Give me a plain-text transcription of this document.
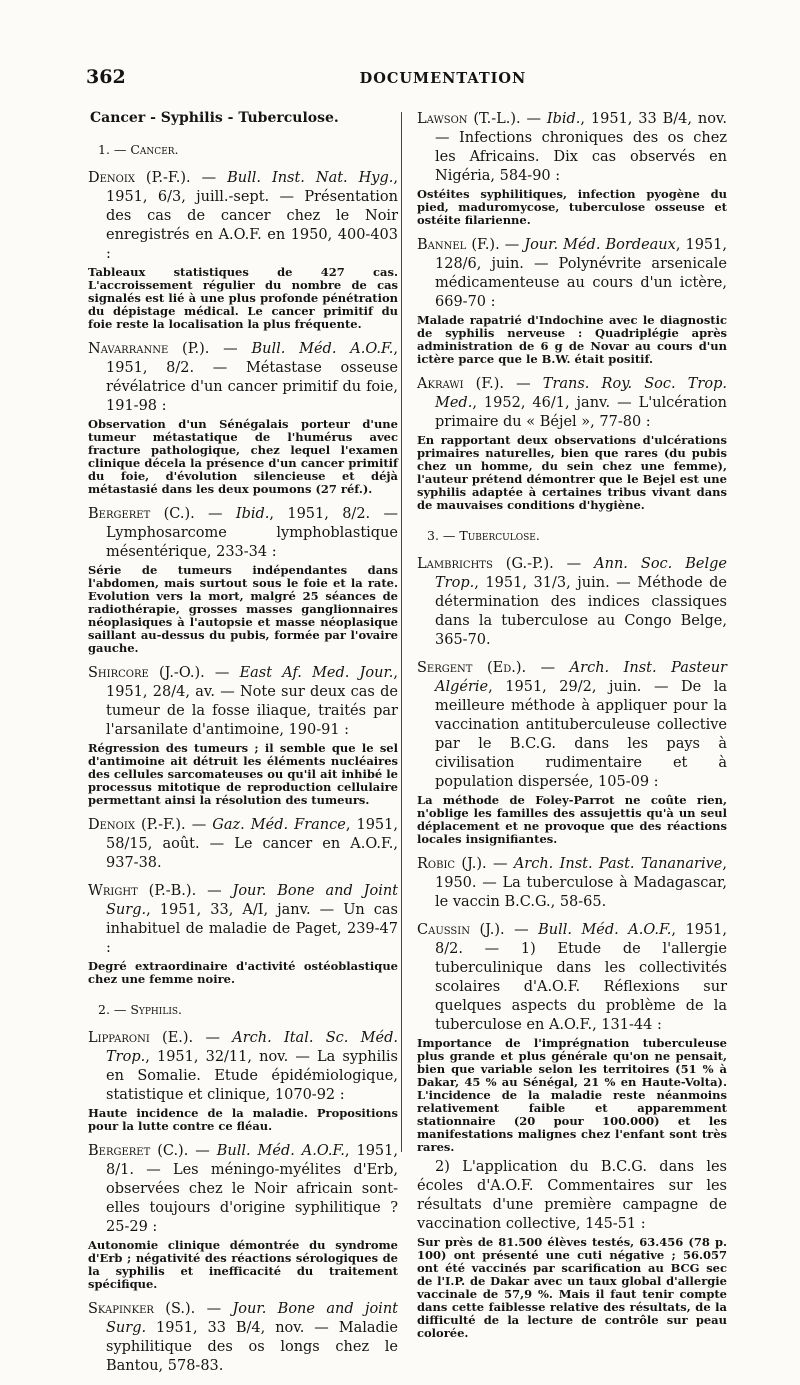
362	DOCUMENTATION
Cancer - Syphilis - Tuberculose.
1. — Cancer.

Denoix (P.-F.). — Bull. Inst. Nat. Hyg., 1951, 6/3, juill.-sept. — Présentation des cas de cancer chez le Noir enregistrés en A.O.F. en 1950, 400-403 :

Tableaux statistiques de 427 cas. L'accroissement régulier du nombre de cas signalés est lié à une plus profonde pénétration du dépistage médical. Le cancer primitif du foie reste la localisation la plus fréquente.

Navarranne (P.). — Bull. Méd. A.O.F., 1951, 8/2. — Métastase osseuse révélatrice d'un cancer primitif du foie, 191-98 :

Observation d'un Sénégalais porteur d'une tumeur métastatique de l'humérus avec fracture pathologique, chez lequel l'examen clinique décela la présence d'un cancer primitif du foie, d'évolution silencieuse et déjà métastasié dans les deux poumons (27 réf.).

Bergeret (C.). — Ibid., 1951, 8/2. — Lymphosarcome lymphoblastique mésentérique, 233-34 :

Série de tumeurs indépendantes dans l'abdomen, mais surtout sous le foie et la rate. Evolution vers la mort, malgré 25 séances de radiothérapie, grosses masses ganglionnaires néoplasiques à l'autopsie et masse néoplasique saillant au-dessus du pubis, formée par l'ovaire gauche.

Shircore (J.-O.). — East Af. Med. Jour., 1951, 28/4, av. — Note sur deux cas de tumeur de la fosse iliaque, traités par l'arsanilate d'antimoine, 190-91 :

Régression des tumeurs ; il semble que le sel d'antimoine ait détruit les éléments nucléaires des cellules sarcomateuses ou qu'il ait inhibé le processus mitotique de reproduction cellulaire permettant ainsi la résolution des tumeurs.

Denoix (P.-F.). — Gaz. Méd. France, 1951, 58/15, août. — Le cancer en A.O.F., 937-38.

Wright (P.-B.). — Jour. Bone and Joint Surg., 1951, 33, A/I, janv. — Un cas inhabituel de maladie de Paget, 239-47 :

Degré extraordinaire d'activité ostéoblastique chez une femme noire.

2. — Syphilis.

Lipparoni (E.). — Arch. Ital. Sc. Méd. Trop., 1951, 32/11, nov. — La syphilis en Somalie. Etude épidémiologique, statistique et clinique, 1070-92 :

Haute incidence de la maladie. Propositions pour la lutte contre ce fléau.

Bergeret (C.). — Bull. Méd. A.O.F., 1951, 8/1. — Les méningo-myélites d'Erb, observées chez le Noir africain sont-elles toujours d'origine syphilitique ? 25-29 :

Autonomie clinique démontrée du syndrome d'Erb ; négativité des réactions sérologiques de la syphilis et inefficacité du traitement spécifique.

Skapinker (S.). — Jour. Bone and joint Surg. 1951, 33 B/4, nov. — Maladie syphilitique des os longs chez le Bantou, 578-83.

Lawson (T.-L.). — Ibid., 1951, 33 B/4, nov. — Infections chroniques des os chez les Africains. Dix cas observés en Nigéria, 584-90 :

Ostéites syphilitiques, infection pyogène du pied, maduromycose, tuberculose osseuse et ostéite filarienne.

Bannel (F.). — Jour. Méd. Bordeaux, 1951, 128/6, juin. — Polynévrite arsenicale médicamenteuse au cours d'un ictère, 669-70 :

Malade rapatrié d'Indochine avec le diagnostic de syphilis nerveuse : Quadriplégie après administration de 6 g de Novar au cours d'un ictère parce que le B.W. était positif.

Akrawi (F.). — Trans. Roy. Soc. Trop. Med., 1952, 46/1, janv. — L'ulcération primaire du « Béjel », 77-80 :

En rapportant deux observations d'ulcérations primaires naturelles, bien que rares (du pubis chez un homme, du sein chez une femme), l'auteur prétend démontrer que le Bejel est une syphilis adaptée à certaines tribus vivant dans de mauvaises conditions d'hygiène.

3. — Tuberculose.

Lambrichts (G.-P.). — Ann. Soc. Belge Trop., 1951, 31/3, juin. — Méthode de détermination des indices classiques dans la tuberculose au Congo Belge, 365-70.

Sergent (Ed.). — Arch. Inst. Pasteur Algérie, 1951, 29/2, juin. — De la meilleure méthode à appliquer pour la vaccination antituberculeuse collective par le B.C.G. dans les pays à civilisation rudimentaire et à population dispersée, 105-09 :

La méthode de Foley-Parrot ne coûte rien, n'oblige les familles des assujettis qu'à un seul déplacement et ne provoque que des réactions locales insignifiantes.

Robic (J.). — Arch. Inst. Past. Tananarive, 1950. — La tuberculose à Madagascar, le vaccin B.C.G., 58-65.

Caussin (J.). — Bull. Méd. A.O.F., 1951, 8/2. — 1) Etude de l'allergie tuberculinique dans les collectivités scolaires d'A.O.F. Réflexions sur quelques aspects du problème de la tuberculose en A.O.F., 131-44 :

Importance de l'imprégnation tuberculeuse plus grande et plus générale qu'on ne pensait, bien que variable selon les territoires (51 % à Dakar, 45 % au Sénégal, 21 % en Haute-Volta). L'incidence de la maladie reste néanmoins relativement faible et apparemment stationnaire (20 pour 100.000) et les manifestations malignes chez l'enfant sont très rares.

2) L'application du B.C.G. dans les écoles d'A.O.F. Commentaires sur les résultats d'une première campagne de vaccination collective, 145-51 :

Sur près de 81.500 élèves testés, 63.456 (78 p. 100) ont présenté une cuti négative ; 56.057 ont été vaccinés par scarification au BCG sec de l'I.P. de Dakar avec un taux global d'allergie vaccinale de 57,9 %. Mais il faut tenir compte dans cette faiblesse relative des résultats, de la difficulté de la lecture de contrôle sur peau colorée.
